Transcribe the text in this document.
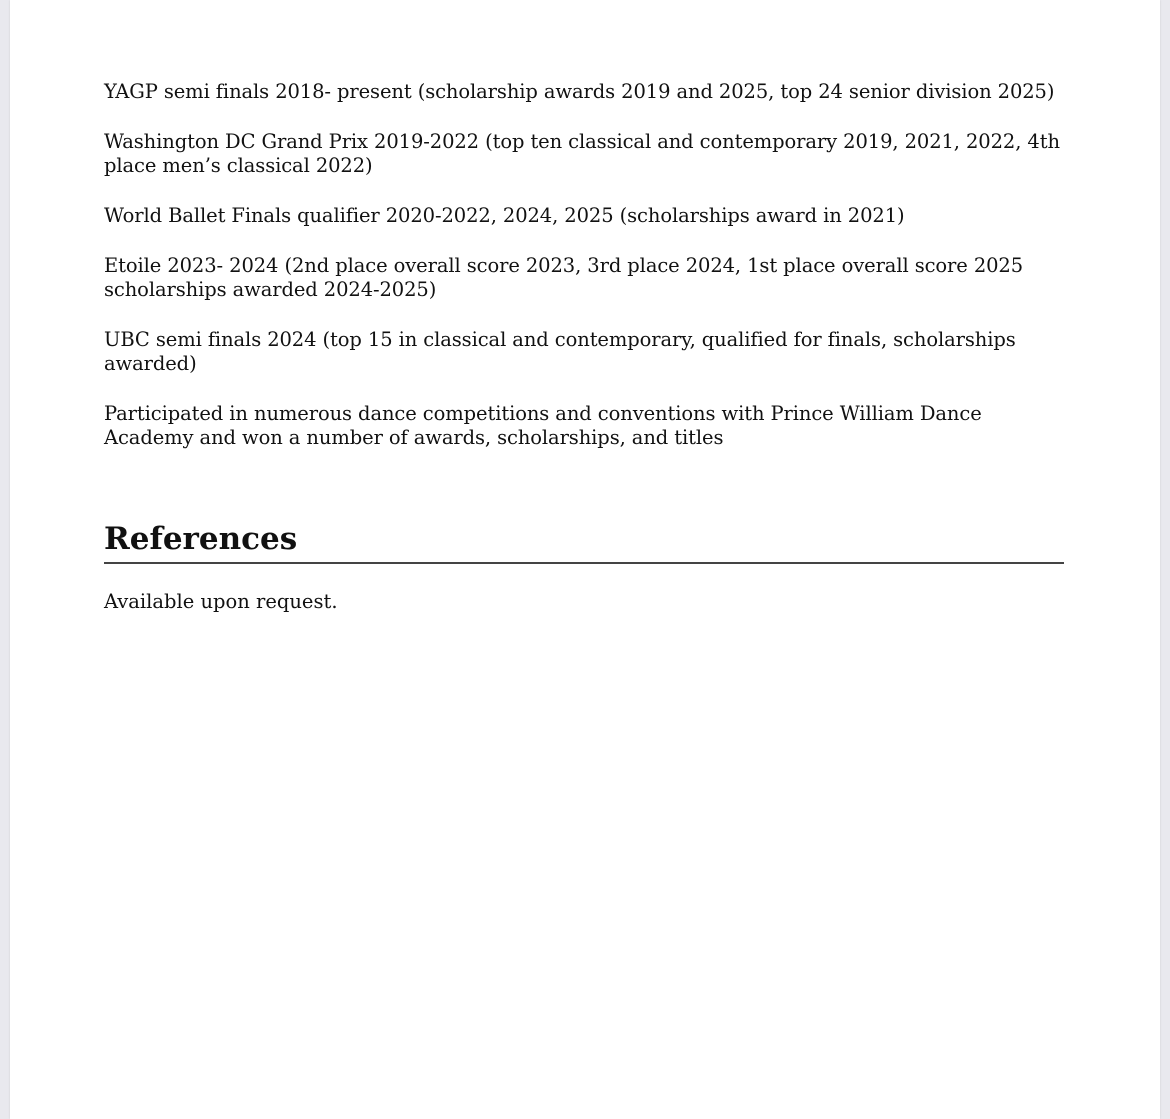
YAGP semi finals 2018- present (scholarship awards 2019 and 2025, top 24 senior division 2025)

Washington DC Grand Prix 2019-2022 (top ten classical and contemporary 2019, 2021, 2022, 4th place men’s classical 2022)

World Ballet Finals qualifier 2020-2022, 2024, 2025 (scholarships award in 2021)

Etoile 2023- 2024 (2nd place overall score 2023, 3rd place 2024, 1st place overall score 2025 scholarships awarded 2024-2025)

UBC semi finals 2024 (top 15 in classical and contemporary, qualified for finals, scholarships awarded)

Participated in numerous dance competitions and conventions with Prince William Dance Academy and won a number of awards, scholarships, and titles

References
Available upon request.
